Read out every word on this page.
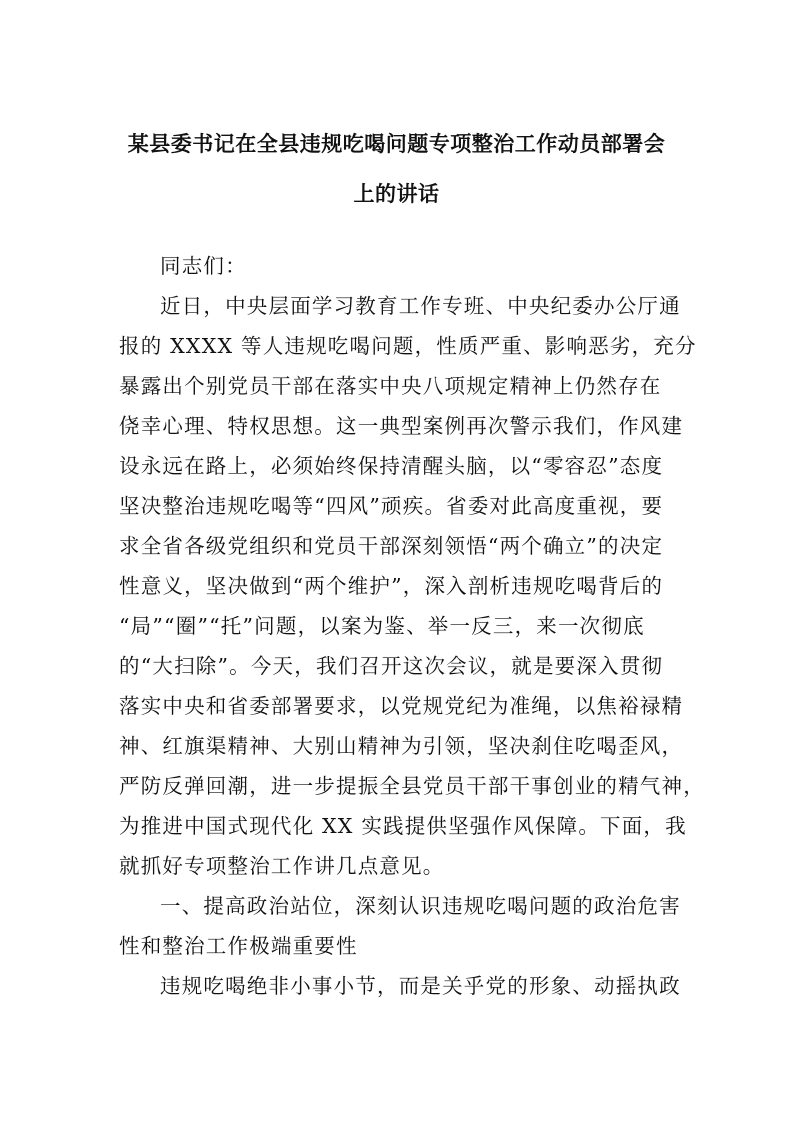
某县委书记在全县违规吃喝问题专项整治工作动员部署会
上的讲话
同志们：
近日，中央层面学习教育工作专班、中央纪委办公厅通
报的 XXXX 等人违规吃喝问题，性质严重、影响恶劣，充分
暴露出个别党员干部在落实中央八项规定精神上仍然存在
侥幸心理、特权思想。这一典型案例再次警示我们，作风建
设永远在路上，必须始终保持清醒头脑，以“零容忍”态度
坚决整治违规吃喝等“四风”顽疾。省委对此高度重视，要
求全省各级党组织和党员干部深刻领悟“两个确立”的决定
性意义，坚决做到“两个维护”，深入剖析违规吃喝背后的
“局”“圈”“托”问题，以案为鉴、举一反三，来一次彻底
的“大扫除”。今天，我们召开这次会议，就是要深入贯彻
落实中央和省委部署要求，以党规党纪为准绳，以焦裕禄精
神、红旗渠精神、大别山精神为引领，坚决刹住吃喝歪风，
严防反弹回潮，进一步提振全县党员干部干事创业的精气神，
为推进中国式现代化 XX 实践提供坚强作风保障。下面，我
就抓好专项整治工作讲几点意见。
一、提高政治站位，深刻认识违规吃喝问题的政治危害
性和整治工作极端重要性
违规吃喝绝非小事小节，而是关乎党的形象、动摇执政
